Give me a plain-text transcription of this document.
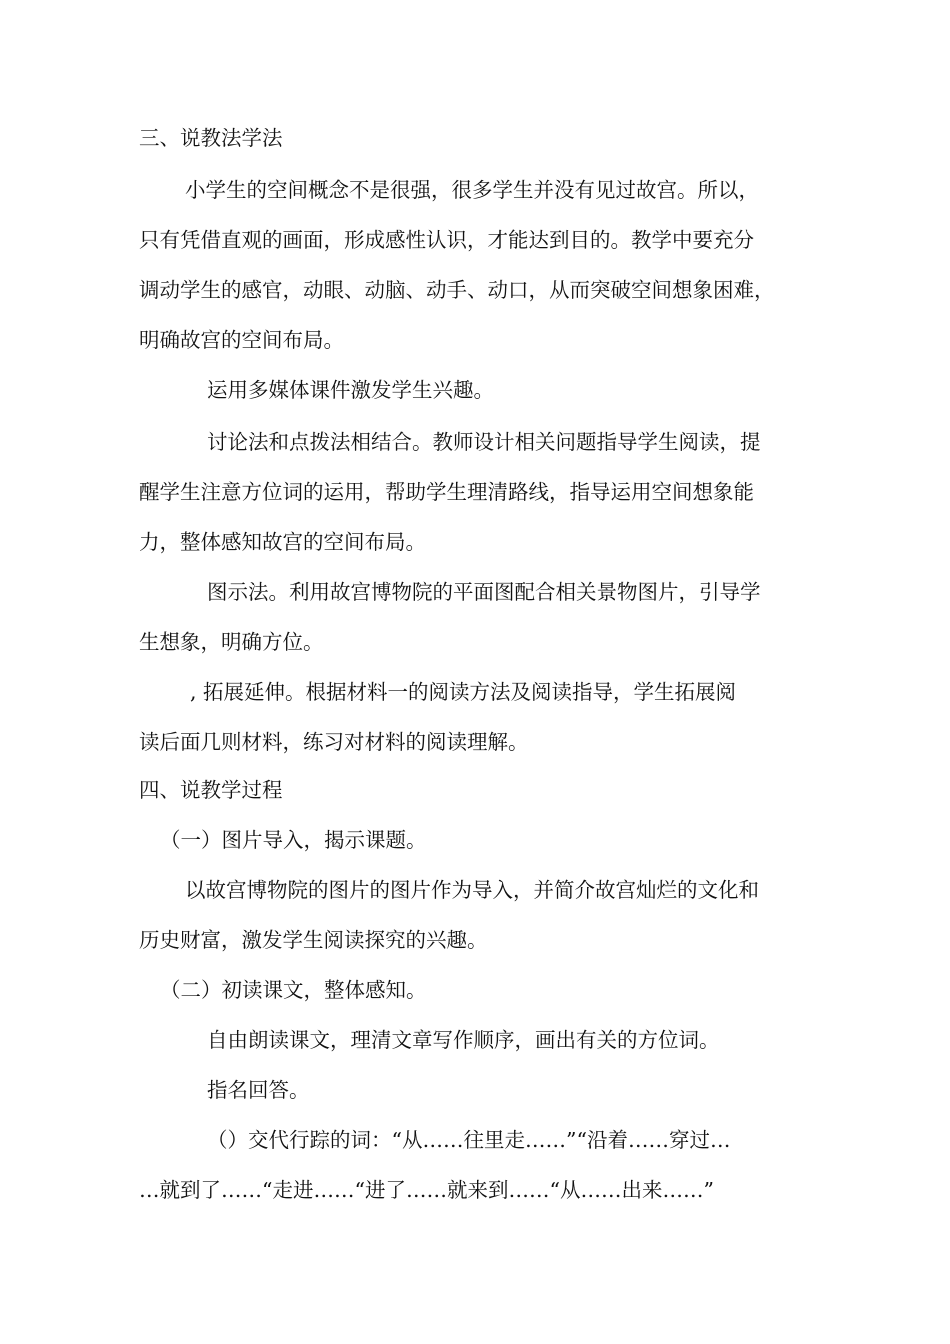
三、说教法学法

小学生的空间概念不是很强，很多学生并没有见过故宫。所以，

只有凭借直观的画面，形成感性认识，才能达到目的。教学中要充分

调动学生的感官，动眼、动脑、动手、动口，从而突破空间想象困难，

明确故宫的空间布局。

运用多媒体课件激发学生兴趣。

讨论法和点拨法相结合。教师设计相关问题指导学生阅读，提

醒学生注意方位词的运用，帮助学生理清路线，指导运用空间想象能

力，整体感知故宫的空间布局。

图示法。利用故宫博物院的平面图配合相关景物图片，引导学

生想象，明确方位。

, 拓展延伸。根据材料一的阅读方法及阅读指导，学生拓展阅

读后面几则材料，练习对材料的阅读理解。

四、说教学过程

（一）图片导入，揭示课题。

以故宫博物院的图片的图片作为导入，并简介故宫灿烂的文化和

历史财富，激发学生阅读探究的兴趣。

（二）初读课文，整体感知。

自由朗读课文，理清文章写作顺序，画出有关的方位词。

指名回答。

（）交代行踪的词：“从……往里走……”“沿着……穿过…

…就到了……“走进……“进了……就来到……“从……出来……”
